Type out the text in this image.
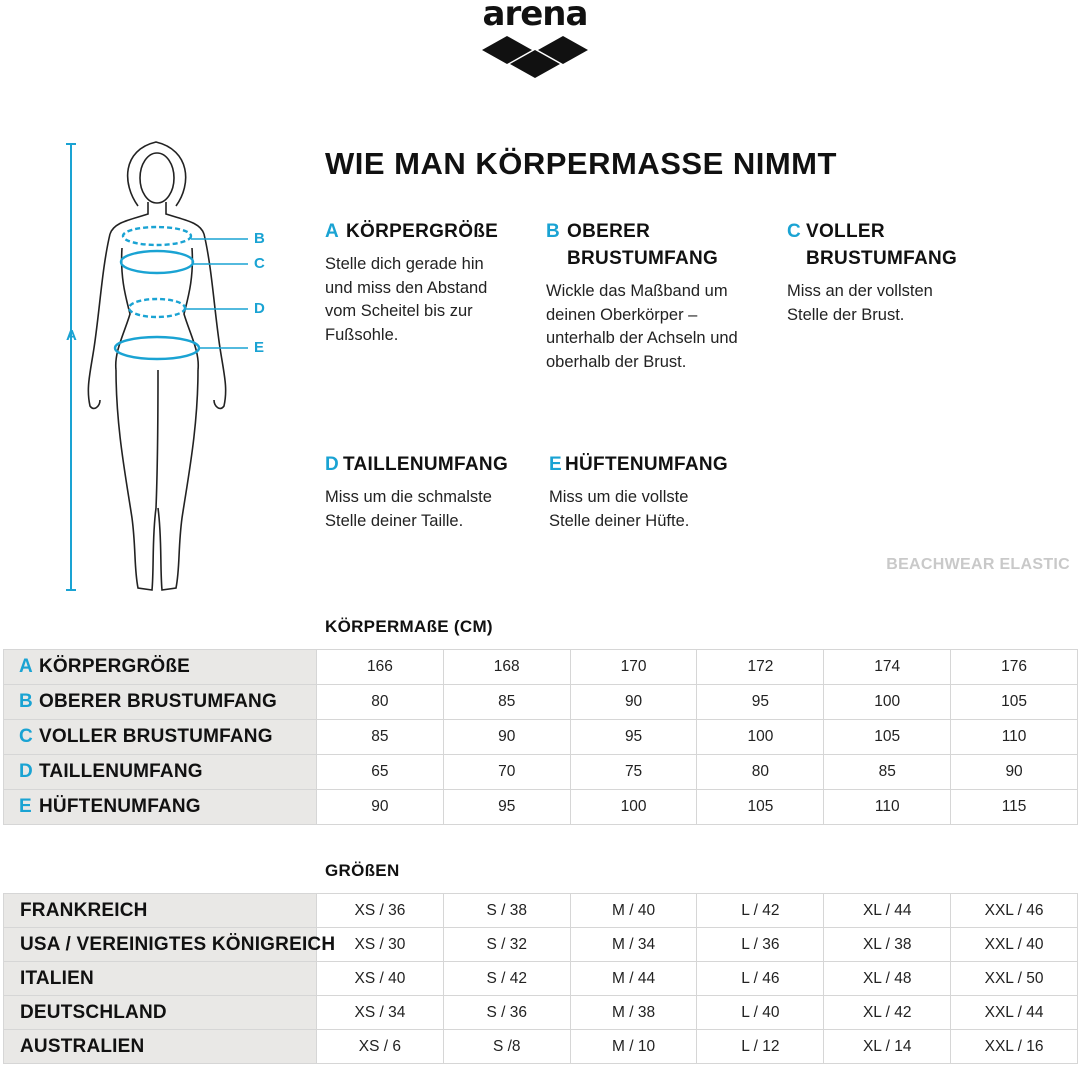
arena
WIE MAN KÖRPERMASSE NIMMT
A
B
C
D
E
A KÖRPERGRÖßE
Stelle dich gerade hin
und miss den Abstand
vom Scheitel bis zur
Fußsohle.
B OBERER
BRUSTUMFANG
Wickle das Maßband um
deinen Oberkörper –
unterhalb der Achseln und
oberhalb der Brust.
C VOLLER
BRUSTUMFANG
Miss an der vollsten
Stelle der Brust.
D TAILLENUMFANG
Miss um die schmalste
Stelle deiner Taille.
E HÜFTENUMFANG
Miss um die vollste
Stelle deiner Hüfte.
BEACHWEAR ELASTIC
KÖRPERMAßE (CM)
A KÖRPERGRÖßE	166	168	170	172	174	176
B OBERER BRUSTUMFANG	80	85	90	95	100	105
C VOLLER BRUSTUMFANG	85	90	95	100	105	110
D TAILLENUMFANG	65	70	75	80	85	90
E HÜFTENUMFANG	90	95	100	105	110	115
GRÖßEN
FRANKREICH	XS / 36	S / 38	M / 40	L / 42	XL / 44	XXL / 46
USA / VEREINIGTES KÖNIGREICH	XS / 30	S / 32	M / 34	L / 36	XL / 38	XXL / 40
ITALIEN	XS / 40	S / 42	M / 44	L / 46	XL / 48	XXL / 50
DEUTSCHLAND	XS / 34	S / 36	M / 38	L / 40	XL / 42	XXL / 44
AUSTRALIEN	XS / 6	S /8	M / 10	L / 12	XL / 14	XXL / 16
